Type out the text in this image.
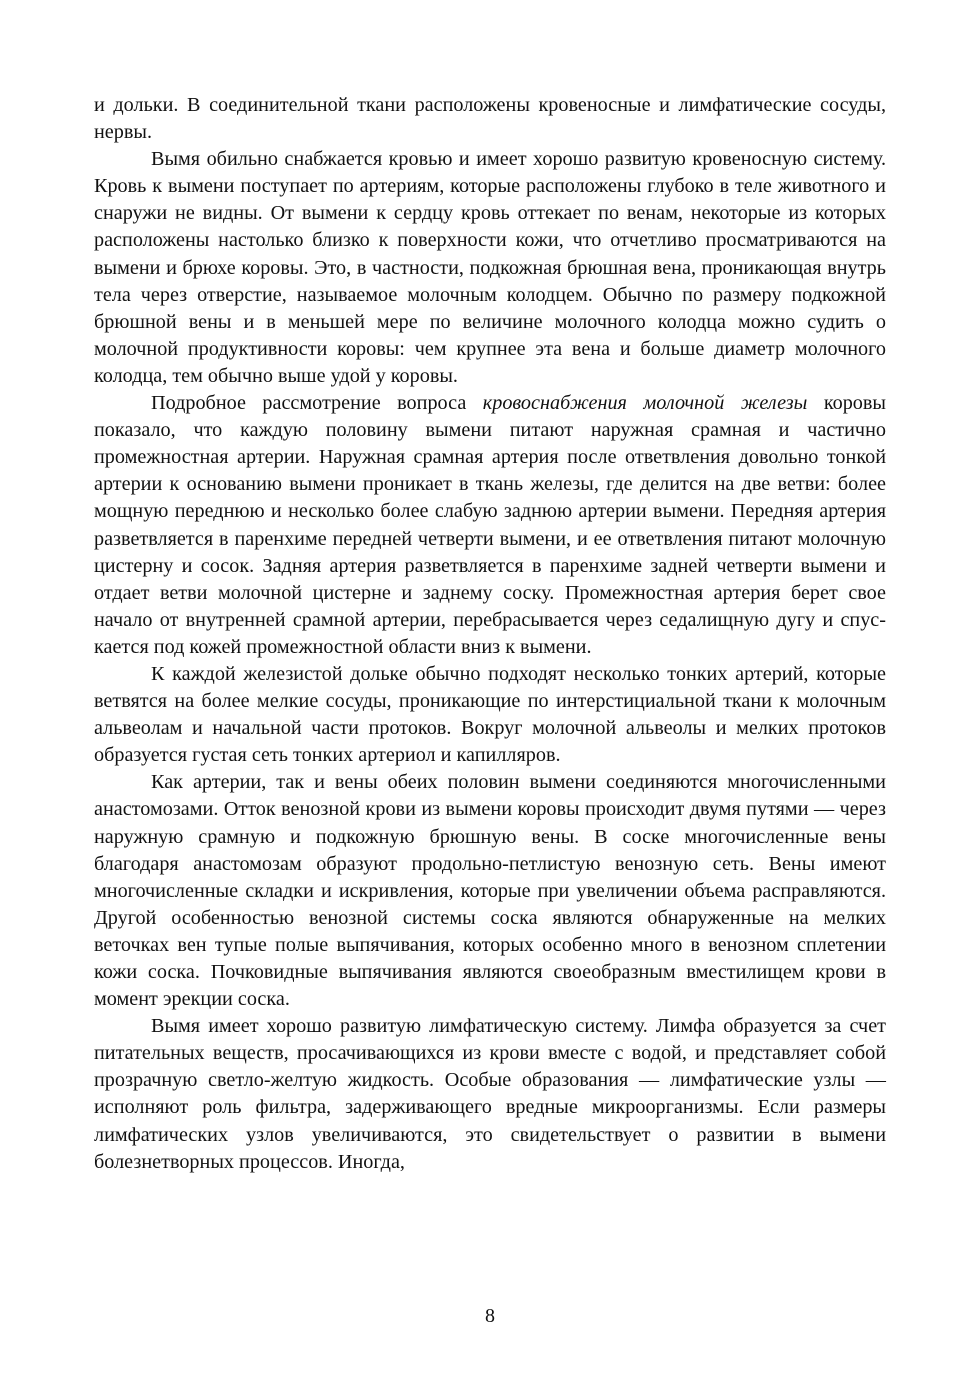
и дольки. В соединительной ткани расположены кровеносные и лимфатические сосуды, нервы.

Вымя обильно снабжается кровью и имеет хорошо развитую кровеносную систему. Кровь к вымени поступает по артериям, которые расположены глубоко в теле животного и снаружи не видны. От вымени к сердцу кровь оттекает по венам, некоторые из которых расположены настолько близко к поверхности кожи, что отчетливо просматриваются на вымени и брюхе коровы. Это, в частности, подкожная брюшная вена, проникающая внутрь тела через отверстие, называемое молочным колодцем. Обычно по размеру подкожной брюшной вены и в меньшей мере по величине молочного колодца можно судить о молочной продуктивности коровы: чем крупнее эта вена и больше диаметр молочного колодца, тем обычно выше удой у коровы.

Подробное рассмотрение вопроса кровоснабжения молочной железы коровы показало, что каждую половину вымени питают наружная срамная и частично промежностная артерии. Наружная срамная артерия после ответвления довольно тонкой артерии к основанию вымени проникает в ткань железы, где делится на две ветви: более мощную переднюю и несколько более слабую заднюю артерии вымени. Передняя артерия разветвляется в паренхиме передней четверти вымени, и ее ответвления питают молочную цистерну и сосок. Задняя артерия разветвляется в паренхиме задней четверти вымени и отдает ветви молочной цистерне и заднему соску. Промежностная артерия берет свое начало от внутренней срамной артерии, перебрасывается через седалищную дугу и спускается под кожей промежностной области вниз к вымени.

К каждой железистой дольке обычно подходят несколько тонких артерий, которые ветвятся на более мелкие сосуды, проникающие по интерстициальной ткани к молочным альвеолам и начальной части протоков. Вокруг молочной альвеолы и мелких протоков образуется густая сеть тонких артериол и капилляров.

Как артерии, так и вены обеих половин вымени соединяются многочисленными анастомозами. Отток венозной крови из вымени коровы происходит двумя путями — через наружную срамную и подкожную брюшную вены. В соске многочисленные вены благодаря анастомозам образуют продольно-петлистую венозную сеть. Вены имеют многочисленные складки и искривления, которые при увеличении объема расправляются. Другой особенностью венозной системы соска являются обнаруженные на мелких веточках вен тупые полые выпячивания, которых особенно много в венозном сплетении кожи соска. Почковидные выпячивания являются своеобразным вместилищем крови в момент эрекции соска.

Вымя имеет хорошо развитую лимфатическую систему. Лимфа образуется за счет питательных веществ, просачивающихся из крови вместе с водой, и представляет собой прозрачную светло-желтую жидкость. Особые образования — лимфатические узлы — исполняют роль фильтра, задерживающего вредные микроорганизмы. Если размеры лимфатических узлов увеличиваются, это свидетельствует о развитии в вымени болезнетворных процессов. Иногда,

8
